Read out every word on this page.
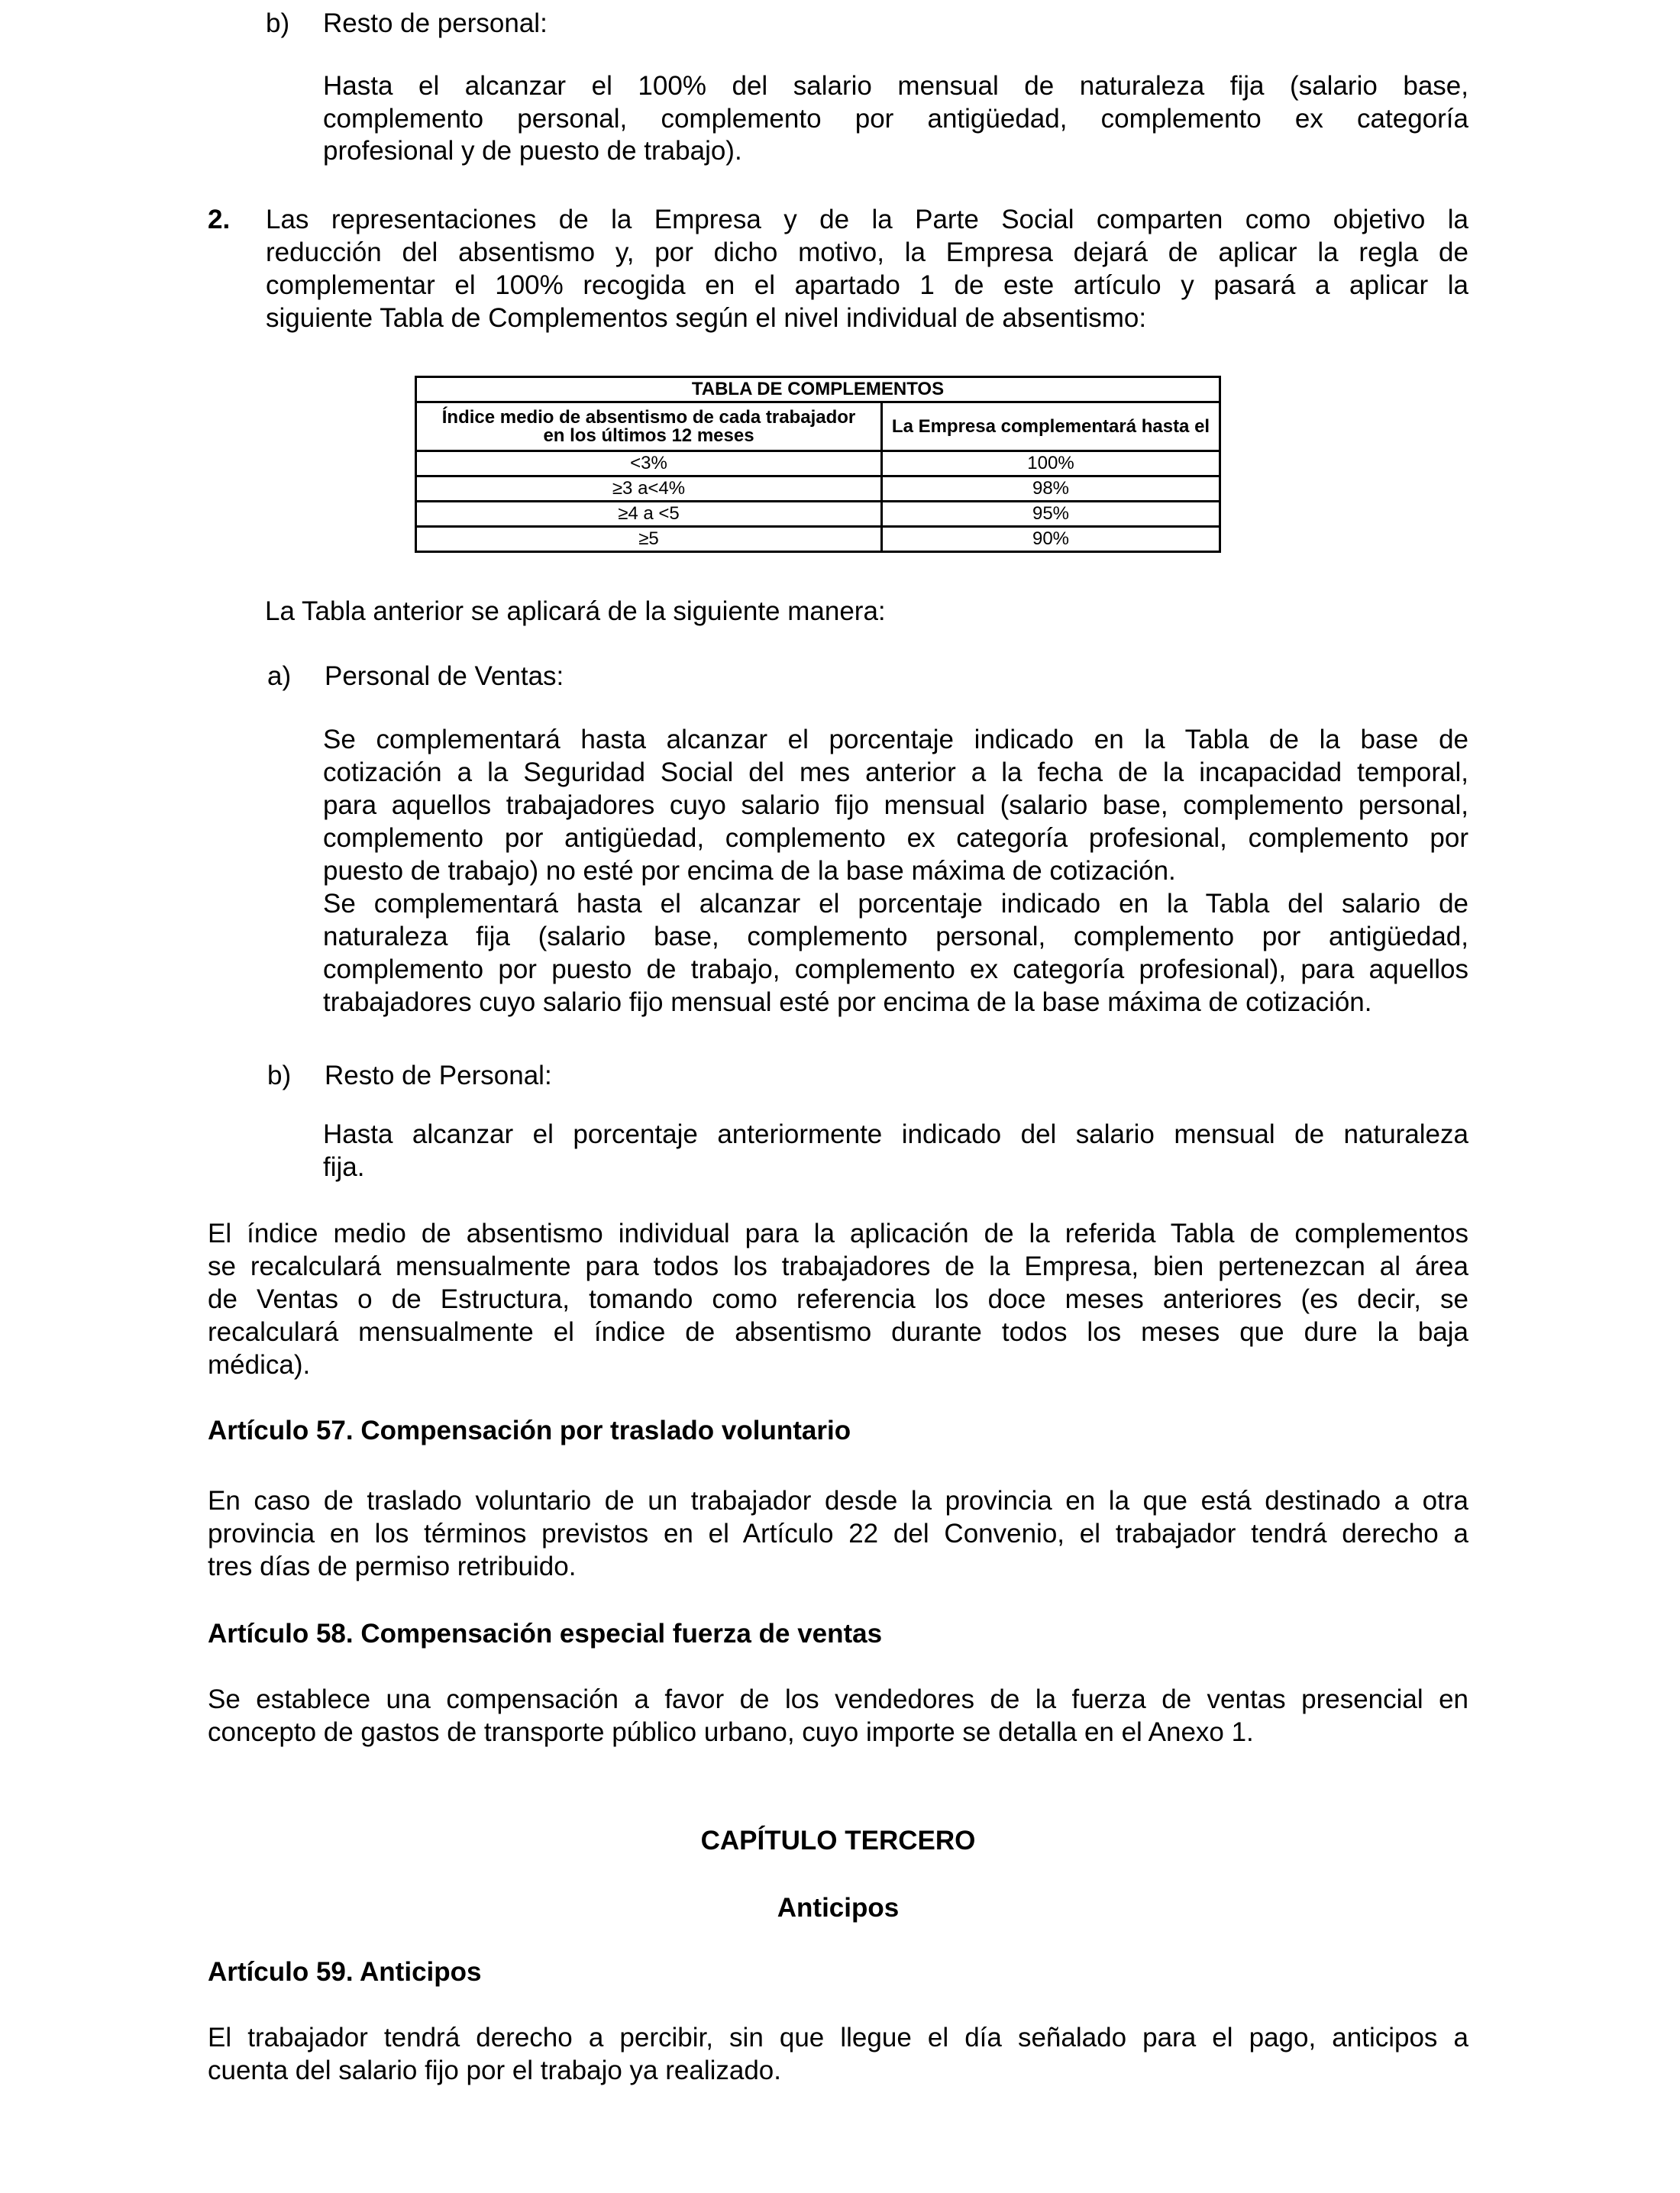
b) Resto de personal:
Hasta el alcanzar el 100% del salario mensual de naturaleza fija (salario base,
complemento personal, complemento por antigüedad, complemento ex categoría
profesional y de puesto de trabajo).
2. Las representaciones de la Empresa y de la Parte Social comparten como objetivo la
reducción del absentismo y, por dicho motivo, la Empresa dejará de aplicar la regla de
complementar el 100% recogida en el apartado 1 de este artículo y pasará a aplicar la
siguiente Tabla de Complementos según el nivel individual de absentismo:
TABLA DE COMPLEMENTOS	
Índice medio de absentismo de cada trabajador
en los últimos 12 meses	La Empresa complementará hasta el
<3%	100%
≥3 a<4%	98%
≥4 a <5	95%
≥5	90%
La Tabla anterior se aplicará de la siguiente manera:
a) Personal de Ventas:
Se complementará hasta alcanzar el porcentaje indicado en la Tabla de la base de
cotización a la Seguridad Social del mes anterior a la fecha de la incapacidad temporal,
para aquellos trabajadores cuyo salario fijo mensual (salario base, complemento personal,
complemento por antigüedad, complemento ex categoría profesional, complemento por
puesto de trabajo) no esté por encima de la base máxima de cotización.
Se complementará hasta el alcanzar el porcentaje indicado en la Tabla del salario de
naturaleza fija (salario base, complemento personal, complemento por antigüedad,
complemento por puesto de trabajo, complemento ex categoría profesional), para aquellos
trabajadores cuyo salario fijo mensual esté por encima de la base máxima de cotización.
b) Resto de Personal:
Hasta alcanzar el porcentaje anteriormente indicado del salario mensual de naturaleza
fija.
El índice medio de absentismo individual para la aplicación de la referida Tabla de complementos
se recalculará mensualmente para todos los trabajadores de la Empresa, bien pertenezcan al área
de Ventas o de Estructura, tomando como referencia los doce meses anteriores (es decir, se
recalculará mensualmente el índice de absentismo durante todos los meses que dure la baja
médica).
Artículo 57. Compensación por traslado voluntario
En caso de traslado voluntario de un trabajador desde la provincia en la que está destinado a otra
provincia en los términos previstos en el Artículo 22 del Convenio, el trabajador tendrá derecho a
tres días de permiso retribuido.
Artículo 58. Compensación especial fuerza de ventas
Se establece una compensación a favor de los vendedores de la fuerza de ventas presencial en
concepto de gastos de transporte público urbano, cuyo importe se detalla en el Anexo 1.
CAPÍTULO TERCERO
Anticipos
Artículo 59. Anticipos
El trabajador tendrá derecho a percibir, sin que llegue el día señalado para el pago, anticipos a
cuenta del salario fijo por el trabajo ya realizado.
